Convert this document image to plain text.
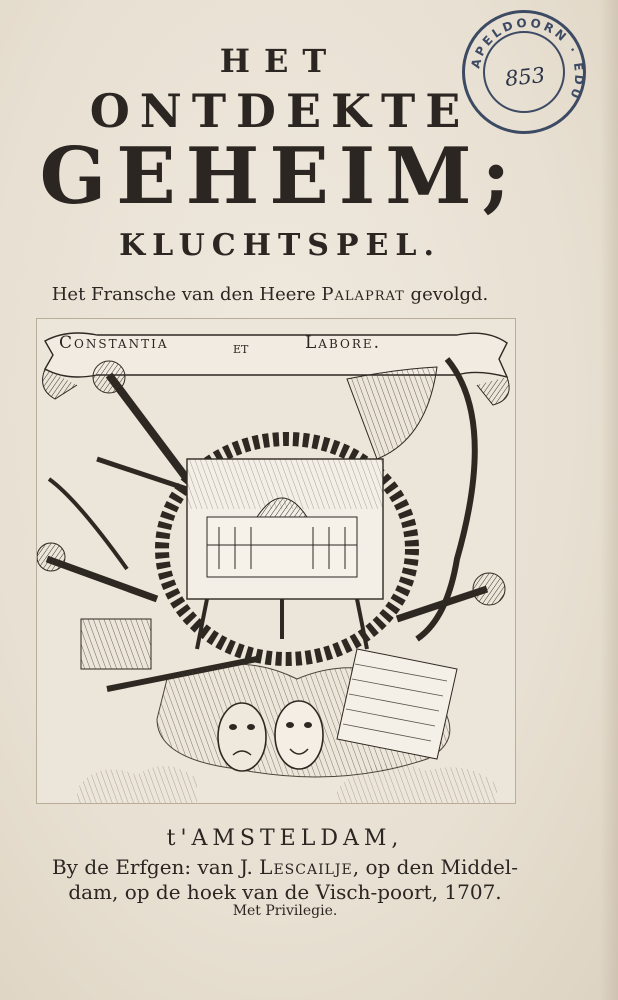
HET
ONTDEKTE
GEHEIM;
KLUCHTSPEL.
Het Fransche van den Heere Palaprat gevolgd.
Constantia	ET	Labore.
t'AMSTELDAM,
By de Erfgen: van J. Lescailje, op den Middel-
dam, op de hoek van de Visch-poort, 1707.
Met Privilegie.
APELDOORN · EDU
853
